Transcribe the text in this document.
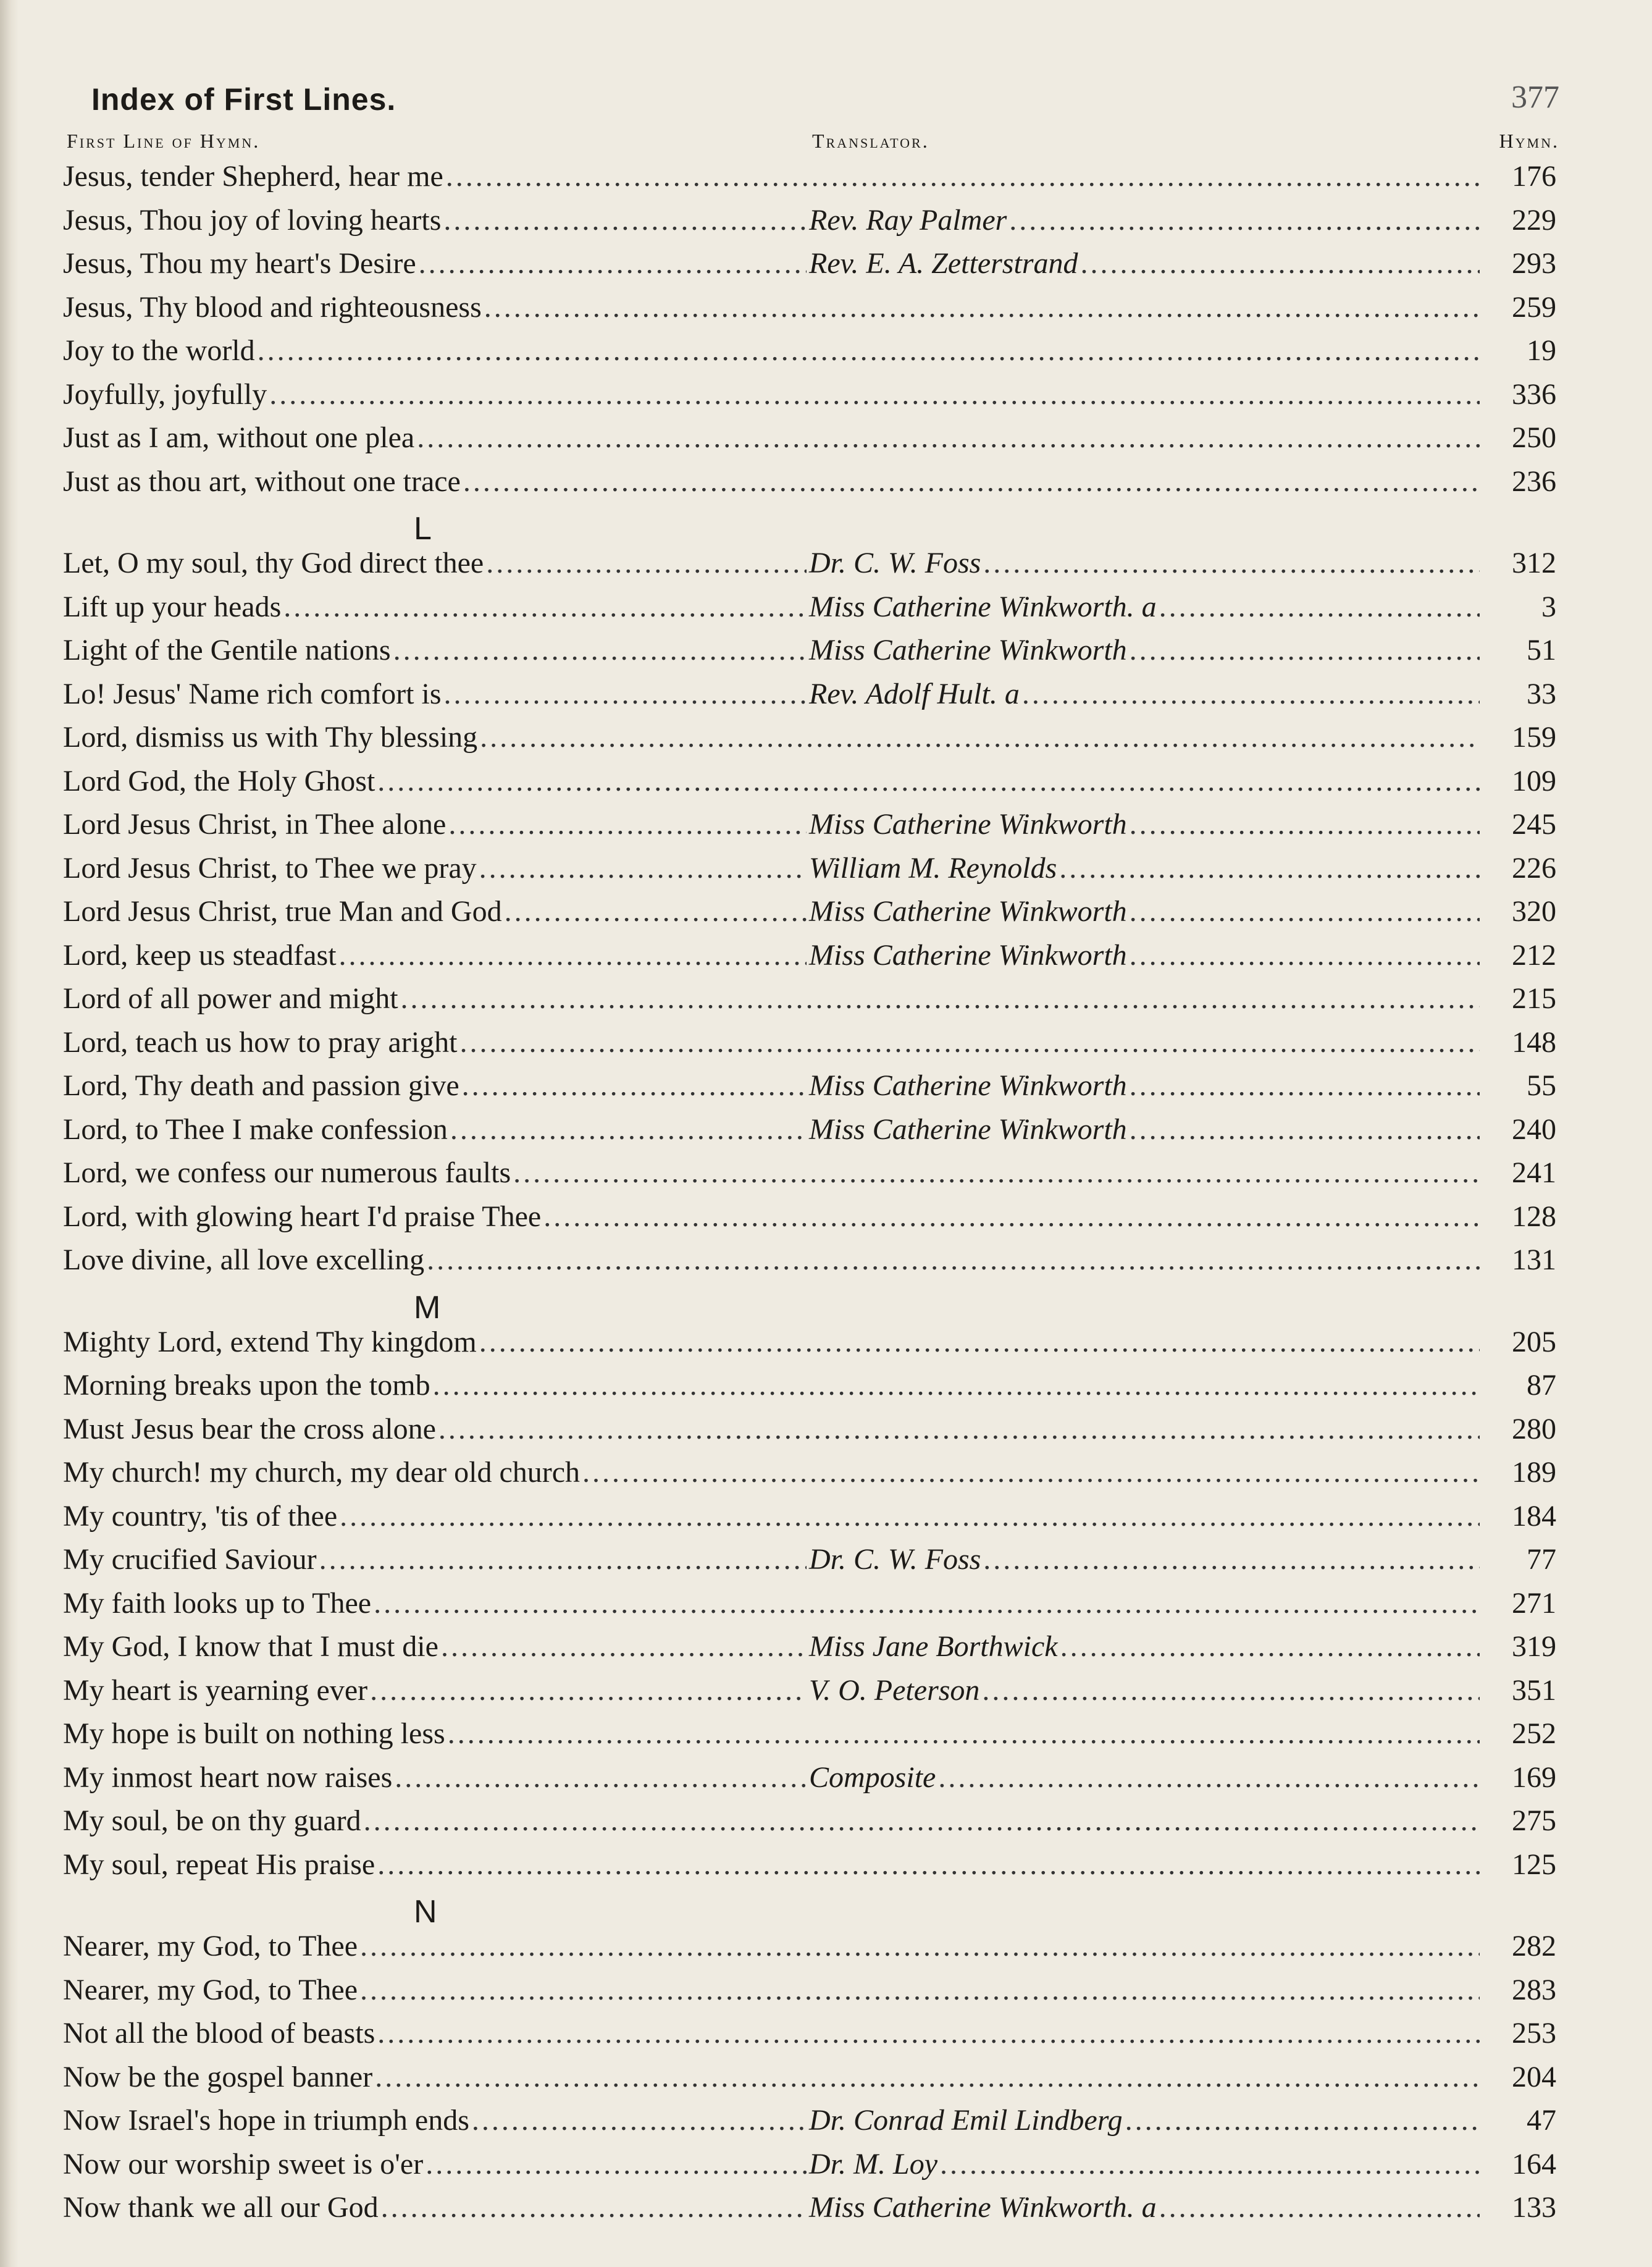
Index of First Lines.	377
First Line of Hymn.	Translator.	Hymn.
Jesus, tender Shepherd, hear me .....	176
Jesus, Thou joy of loving hearts .....	Rev. Ray Palmer .....	229
Jesus, Thou my heart's Desire .....	Rev. E. A. Zetterstrand .....	293
Jesus, Thy blood and righteousness .....	259
Joy to the world .....	19
Joyfully, joyfully .....	336
Just as I am, without one plea .....	250
Just as thou art, without one trace .....	236
L
Let, O my soul, thy God direct thee .....	Dr. C. W. Foss .....	312
Lift up your heads .....	Miss Catherine Winkworth. a .....	3
Light of the Gentile nations .....	Miss Catherine Winkworth .....	51
Lo! Jesus' Name rich comfort is .....	Rev. Adolf Hult. a .....	33
Lord, dismiss us with Thy blessing .....	159
Lord God, the Holy Ghost .....	109
Lord Jesus Christ, in Thee alone .....	Miss Catherine Winkworth .....	245
Lord Jesus Christ, to Thee we pray .....	William M. Reynolds .....	226
Lord Jesus Christ, true Man and God .....	Miss Catherine Winkworth .....	320
Lord, keep us steadfast .....	Miss Catherine Winkworth .....	212
Lord of all power and might .....	215
Lord, teach us how to pray aright .....	148
Lord, Thy death and passion give .....	Miss Catherine Winkworth .....	55
Lord, to Thee I make confession .....	Miss Catherine Winkworth .....	240
Lord, we confess our numerous faults .....	241
Lord, with glowing heart I'd praise Thee .....	128
Love divine, all love excelling .....	131
M
Mighty Lord, extend Thy kingdom .....	205
Morning breaks upon the tomb .....	87
Must Jesus bear the cross alone .....	280
My church! my church, my dear old church .....	189
My country, 'tis of thee .....	184
My crucified Saviour .....	Dr. C. W. Foss .....	77
My faith looks up to Thee .....	271
My God, I know that I must die .....	Miss Jane Borthwick .....	319
My heart is yearning ever .....	V. O. Peterson .....	351
My hope is built on nothing less .....	252
My inmost heart now raises .....	Composite .....	169
My soul, be on thy guard .....	275
My soul, repeat His praise .....	125
N
Nearer, my God, to Thee .....	282
Nearer, my God, to Thee .....	283
Not all the blood of beasts .....	253
Now be the gospel banner .....	204
Now Israel's hope in triumph ends .....	Dr. Conrad Emil Lindberg .....	47
Now our worship sweet is o'er .....	Dr. M. Loy .....	164
Now thank we all our God .....	Miss Catherine Winkworth. a .....	133
